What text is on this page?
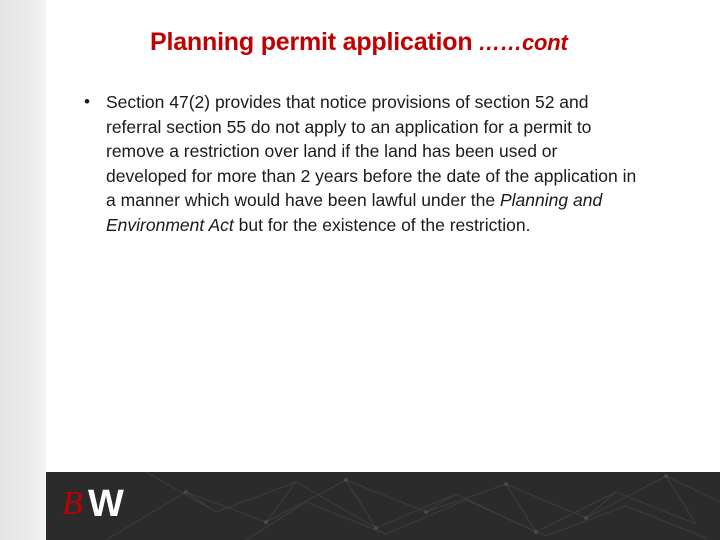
Planning permit application ……cont
• Section 47(2) provides that notice provisions of section 52 and referral section 55 do not apply to an application for a permit to remove a restriction over land if the land has been used or developed for more than 2 years before the date of the application in a manner which would have been lawful under the Planning and Environment Act but for the existence of the restriction.
B W
